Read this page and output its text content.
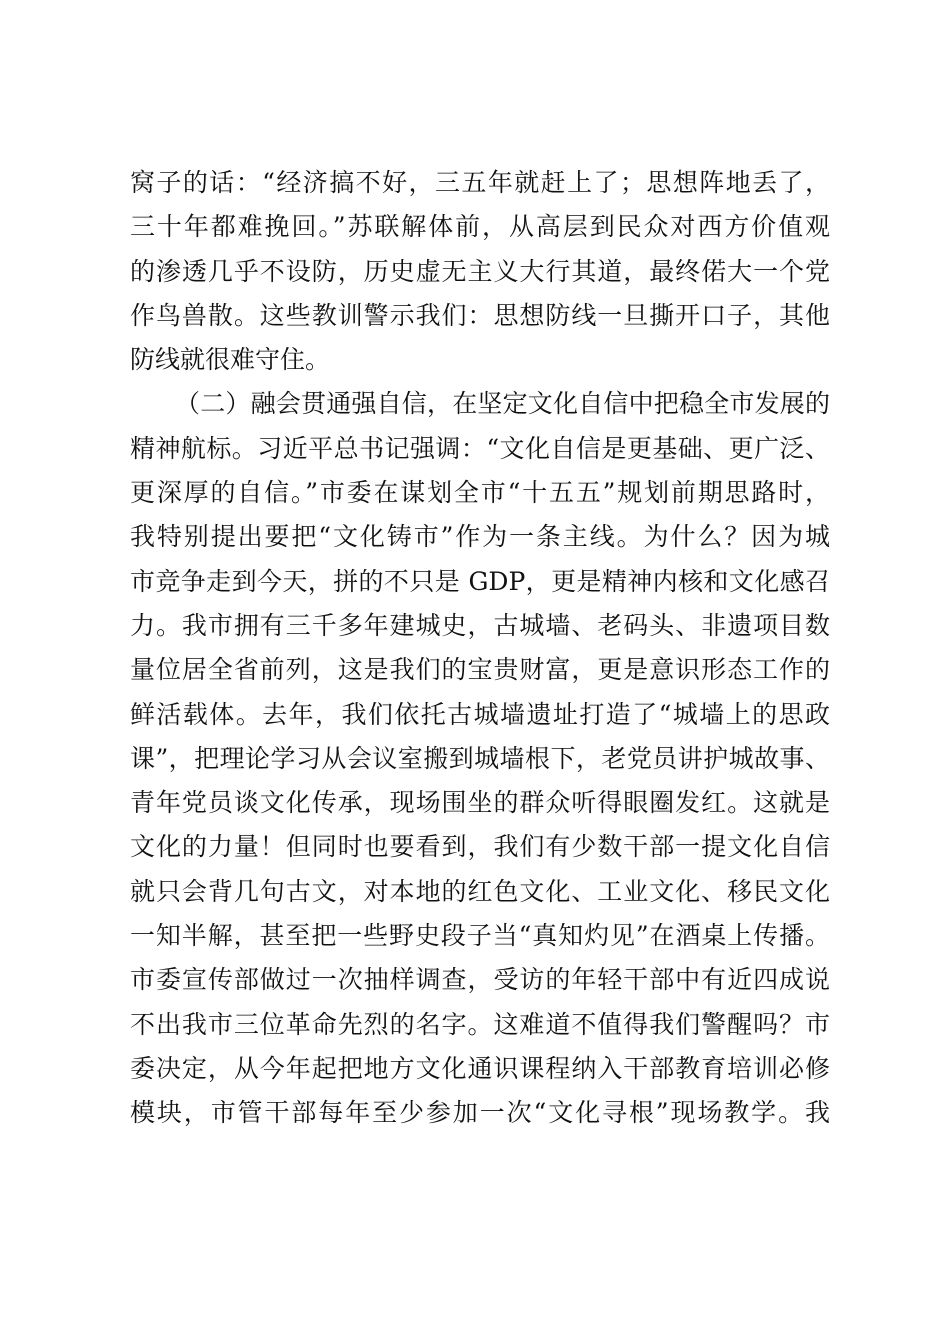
窝子的话：“经济搞不好，三五年就赶上了；思想阵地丢了，
三十年都难挽回。”苏联解体前，从高层到民众对西方价值观
的渗透几乎不设防，历史虚无主义大行其道，最终偌大一个党
作鸟兽散。这些教训警示我们：思想防线一旦撕开口子，其他
防线就很难守住。
（二）融会贯通强自信，在坚定文化自信中把稳全市发展的
精神航标。习近平总书记强调：“文化自信是更基础、更广泛、
更深厚的自信。”市委在谋划全市“十五五”规划前期思路时，
我特别提出要把“文化铸市”作为一条主线。为什么？因为城
市竞争走到今天，拼的不只是 GDP，更是精神内核和文化感召
力。我市拥有三千多年建城史，古城墙、老码头、非遗项目数
量位居全省前列，这是我们的宝贵财富，更是意识形态工作的
鲜活载体。去年，我们依托古城墙遗址打造了“城墙上的思政
课”，把理论学习从会议室搬到城墙根下，老党员讲护城故事、
青年党员谈文化传承，现场围坐的群众听得眼圈发红。这就是
文化的力量！但同时也要看到，我们有少数干部一提文化自信
就只会背几句古文，对本地的红色文化、工业文化、移民文化
一知半解，甚至把一些野史段子当“真知灼见”在酒桌上传播。
市委宣传部做过一次抽样调查，受访的年轻干部中有近四成说
不出我市三位革命先烈的名字。这难道不值得我们警醒吗？市
委决定，从今年起把地方文化通识课程纳入干部教育培训必修
模块，市管干部每年至少参加一次“文化寻根”现场教学。我
